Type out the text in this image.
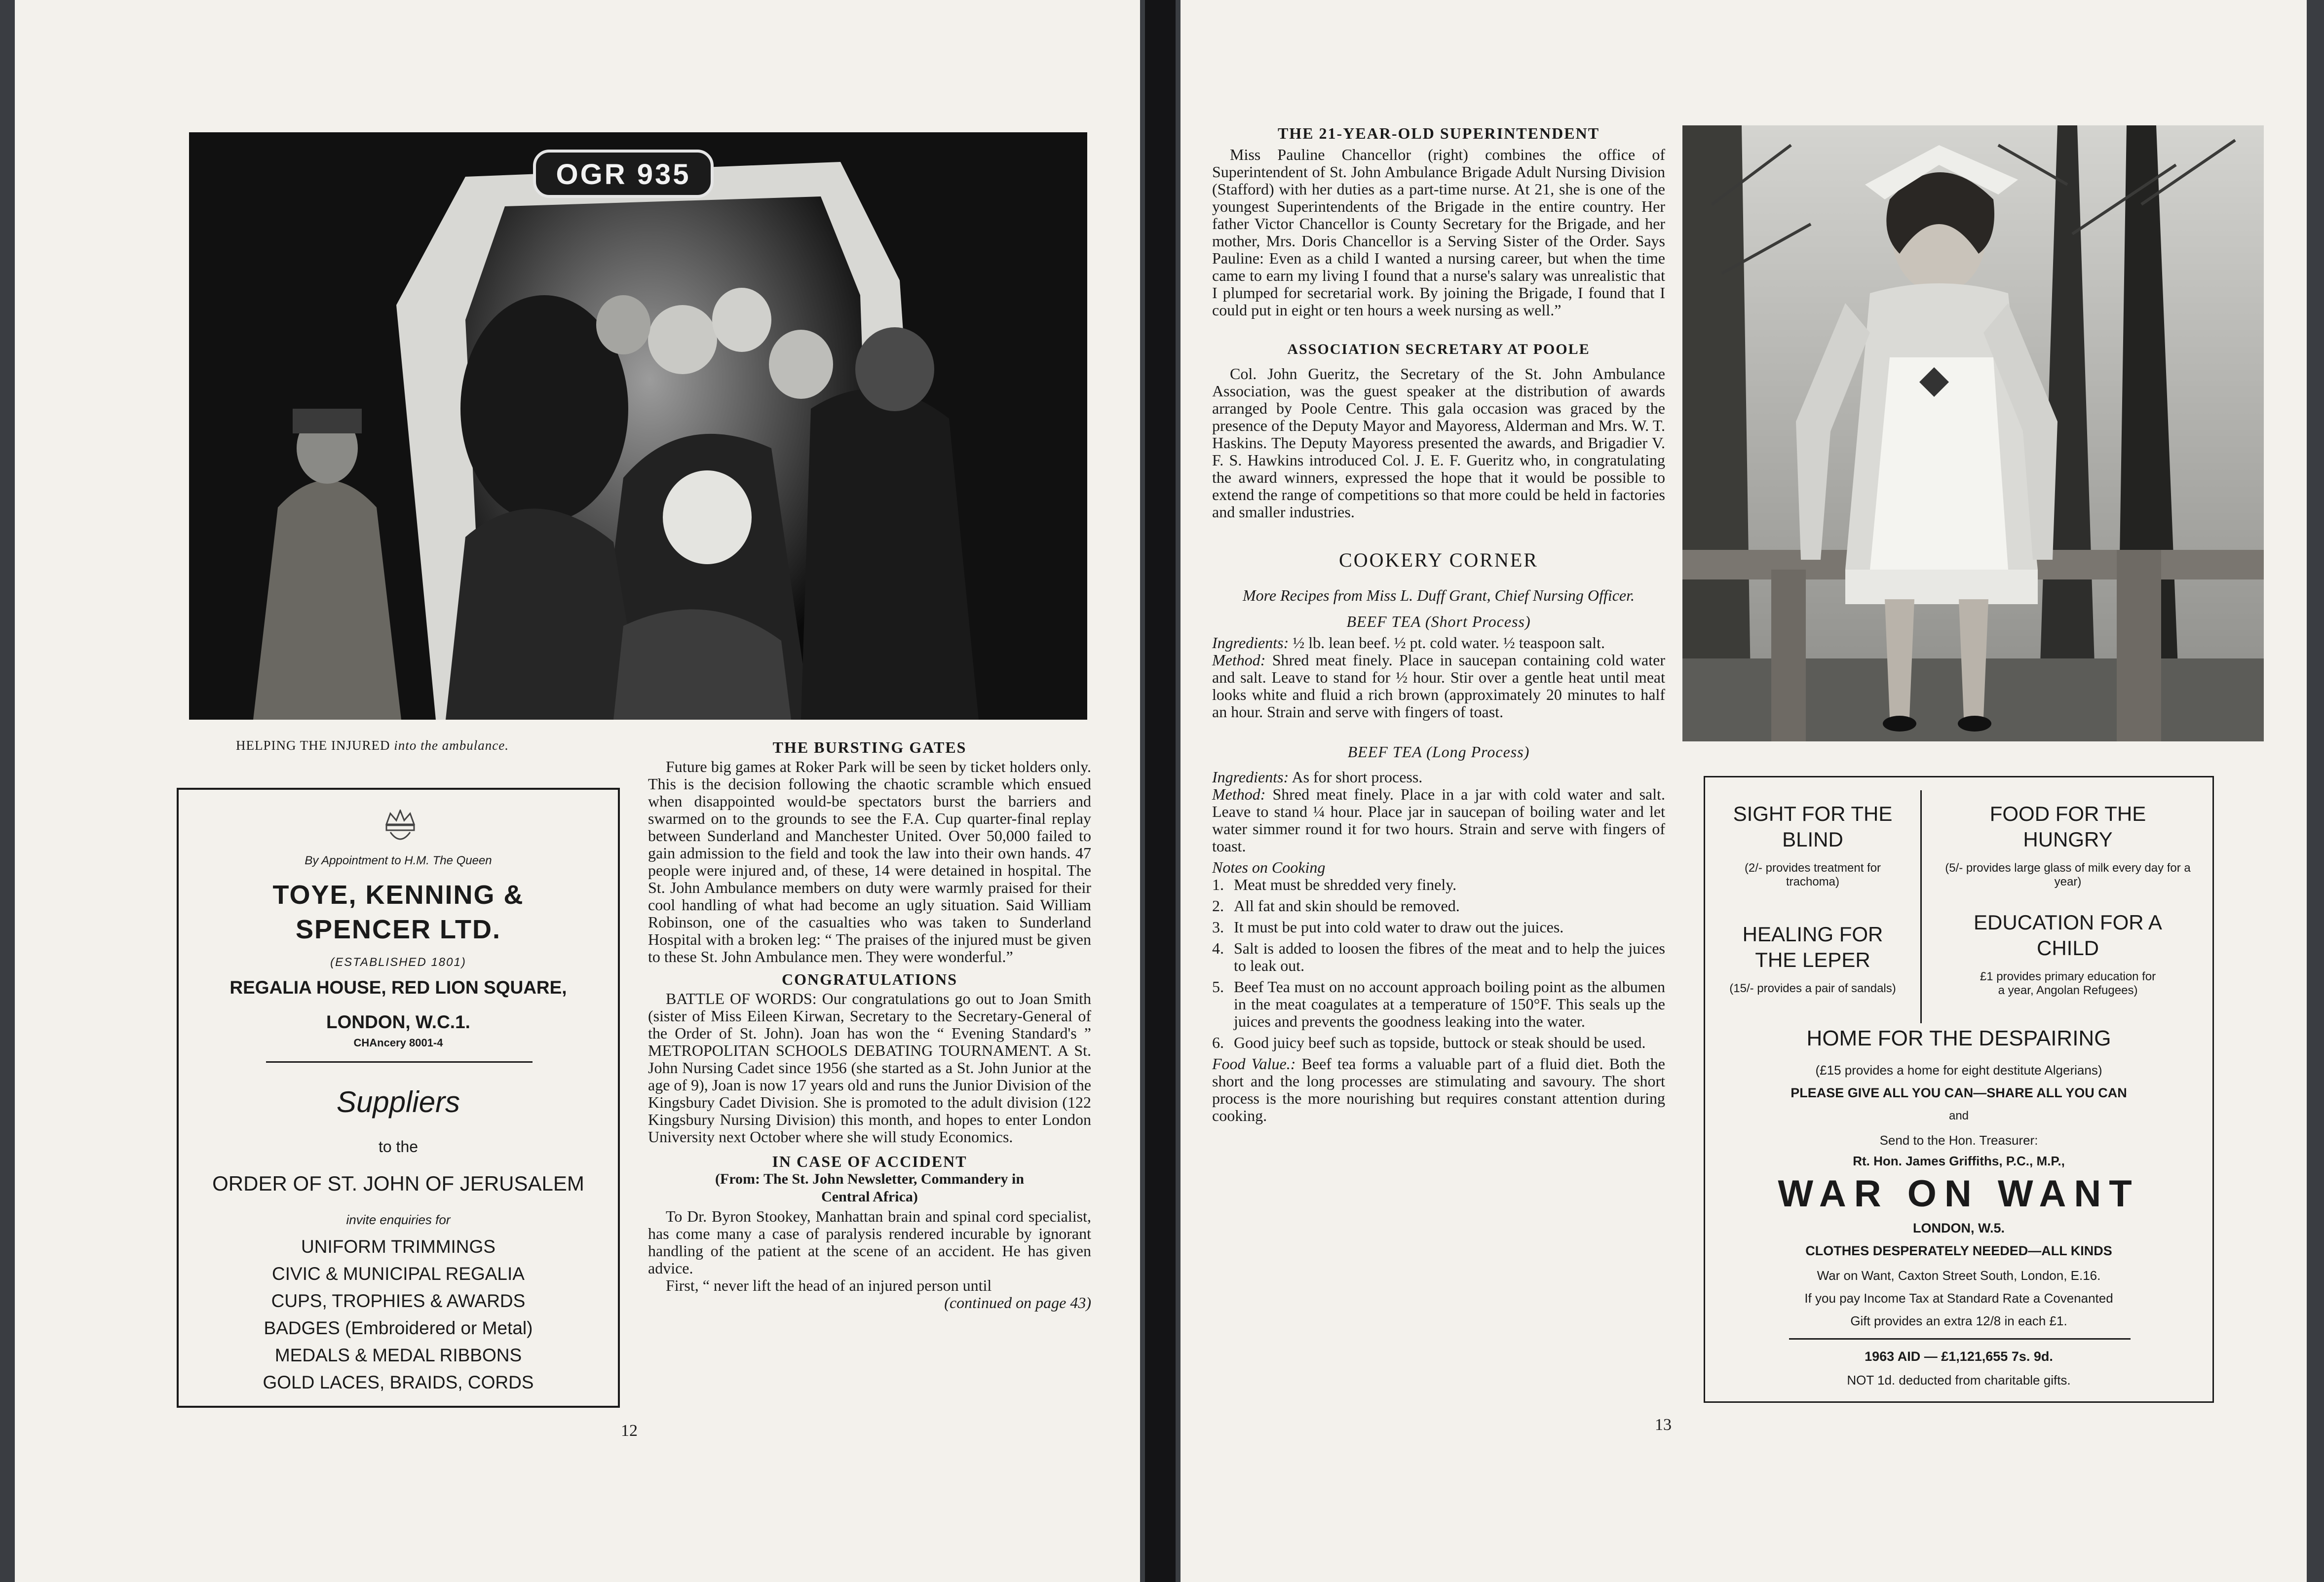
OGR 935
HELPING THE INJURED into the ambulance.

By Appointment to H.M. The Queen

TOYE, KENNING &

SPENCER LTD.

(ESTABLISHED 1801)

REGALIA HOUSE, RED LION SQUARE,

LONDON, W.C.1.

CHAncery 8001-4

Suppliers

to the

ORDER OF ST. JOHN OF JERUSALEM

invite enquiries for

UNIFORM TRIMMINGS

CIVIC & MUNICIPAL REGALIA

CUPS, TROPHIES & AWARDS

BADGES (Embroidered or Metal)

MEDALS & MEDAL RIBBONS

GOLD LACES, BRAIDS, CORDS

THE BURSTING GATES

Future big games at Roker Park will be seen by ticket holders only. This is the decision following the chaotic scramble which ensued when disappointed would-be spectators burst the barriers and swarmed on to the grounds to see the F.A. Cup quarter-final replay between Sunderland and Manchester United. Over 50,000 failed to gain admission to the field and took the law into their own hands. 47 people were injured and, of these, 14 were detained in hospital. The St. John Ambulance members on duty were warmly praised for their cool handling of what had become an ugly situation. Said William Robinson, one of the casualties who was taken to Sunderland Hospital with a broken leg: “ The praises of the injured must be given to these St. John Ambulance men. They were wonderful.”

CONGRATULATIONS

BATTLE OF WORDS: Our congratulations go out to Joan Smith (sister of Miss Eileen Kirwan, Secretary to the Secretary-General of the Order of St. John). Joan has won the “ Evening Standard's ” METROPOLITAN SCHOOLS DEBATING TOURNAMENT. A St. John Nursing Cadet since 1956 (she started as a St. John Junior at the age of 9), Joan is now 17 years old and runs the Junior Division of the Kingsbury Cadet Division. She is promoted to the adult division (122 Kingsbury Nursing Division) this month, and hopes to enter London University next October where she will study Economics.

IN CASE OF ACCIDENT

(From: The St. John Newsletter, Commandery in

Central Africa)

To Dr. Byron Stookey, Manhattan brain and spinal cord specialist, has come many a case of paralysis rendered incurable by ignorant handling of the patient at the scene of an accident. He has given advice.

First, “ never lift the head of an injured person until

(continued on page 43)

12

THE 21-YEAR-OLD SUPERINTENDENT

Miss Pauline Chancellor (right) combines the office of Superintendent of St. John Ambulance Brigade Adult Nursing Division (Stafford) with her duties as a part-time nurse. At 21, she is one of the youngest Superintendents of the Brigade in the entire country. Her father Victor Chancellor is County Secretary for the Brigade, and her mother, Mrs. Doris Chancellor is a Serving Sister of the Order. Says Pauline: Even as a child I wanted a nursing career, but when the time came to earn my living I found that a nurse's salary was unrealistic that I plumped for secretarial work. By joining the Brigade, I found that I could put in eight or ten hours a week nursing as well.”

ASSOCIATION SECRETARY AT POOLE

Col. John Gueritz, the Secretary of the St. John Ambulance Association, was the guest speaker at the distribution of awards arranged by Poole Centre. This gala occasion was graced by the presence of the Deputy Mayor and Mayoress, Alderman and Mrs. W. T. Haskins. The Deputy Mayoress presented the awards, and Brigadier V. F. S. Hawkins introduced Col. J. E. F. Gueritz who, in congratulating the award winners, expressed the hope that it would be possible to extend the range of competitions so that more could be held in factories and smaller industries.

COOKERY CORNER

More Recipes from Miss L. Duff Grant, Chief Nursing Officer.

BEEF TEA (Short Process)

Ingredients: ½ lb. lean beef. ½ pt. cold water. ½ teaspoon salt.

Method: Shred meat finely. Place in saucepan containing cold water and salt. Leave to stand for ½ hour. Stir over a gentle heat until meat looks white and fluid a rich brown (approximately 20 minutes to half an hour. Strain and serve with fingers of toast.

BEEF TEA (Long Process)

Ingredients: As for short process.

Method: Shred meat finely. Place in a jar with cold water and salt. Leave to stand ¼ hour. Place jar in saucepan of boiling water and let water simmer round it for two hours. Strain and serve with fingers of toast.

Notes on Cooking

1. Meat must be shredded very finely.
2. All fat and skin should be removed.
3. It must be put into cold water to draw out the juices.
4. Salt is added to loosen the fibres of the meat and to help the juices to leak out.
5. Beef Tea must on no account approach boiling point as the albumen in the meat coagulates at a temperature of 150°F. This seals up the juices and prevents the goodness leaking into the water.
6. Good juicy beef such as topside, buttock or steak should be used.

Food Value.: Beef tea forms a valuable part of a fluid diet. Both the short and the long processes are stimulating and savoury. The short process is the more nourishing but requires constant attention during cooking.

SIGHT FOR THE BLIND

(2/- provides treatment for trachoma)

FOOD FOR THE HUNGRY

(5/- provides large glass of milk every day for a year)

HEALING FOR THE LEPER

(15/- provides a pair of sandals)

EDUCATION FOR A CHILD

£1 provides primary education for a year, Angolan Refugees)

HOME FOR THE DESPAIRING

(£15 provides a home for eight destitute Algerians)

PLEASE GIVE ALL YOU CAN—SHARE ALL YOU CAN

and

Send to the Hon. Treasurer:

Rt. Hon. James Griffiths, P.C., M.P.,

WAR ON WANT

LONDON, W.5.

CLOTHES DESPERATELY NEEDED—ALL KINDS

War on Want, Caxton Street South, London, E.16.

If you pay Income Tax at Standard Rate a Covenanted

Gift provides an extra 12/8 in each £1.

1963 AID — £1,121,655 7s. 9d.

NOT 1d. deducted from charitable gifts.

13
